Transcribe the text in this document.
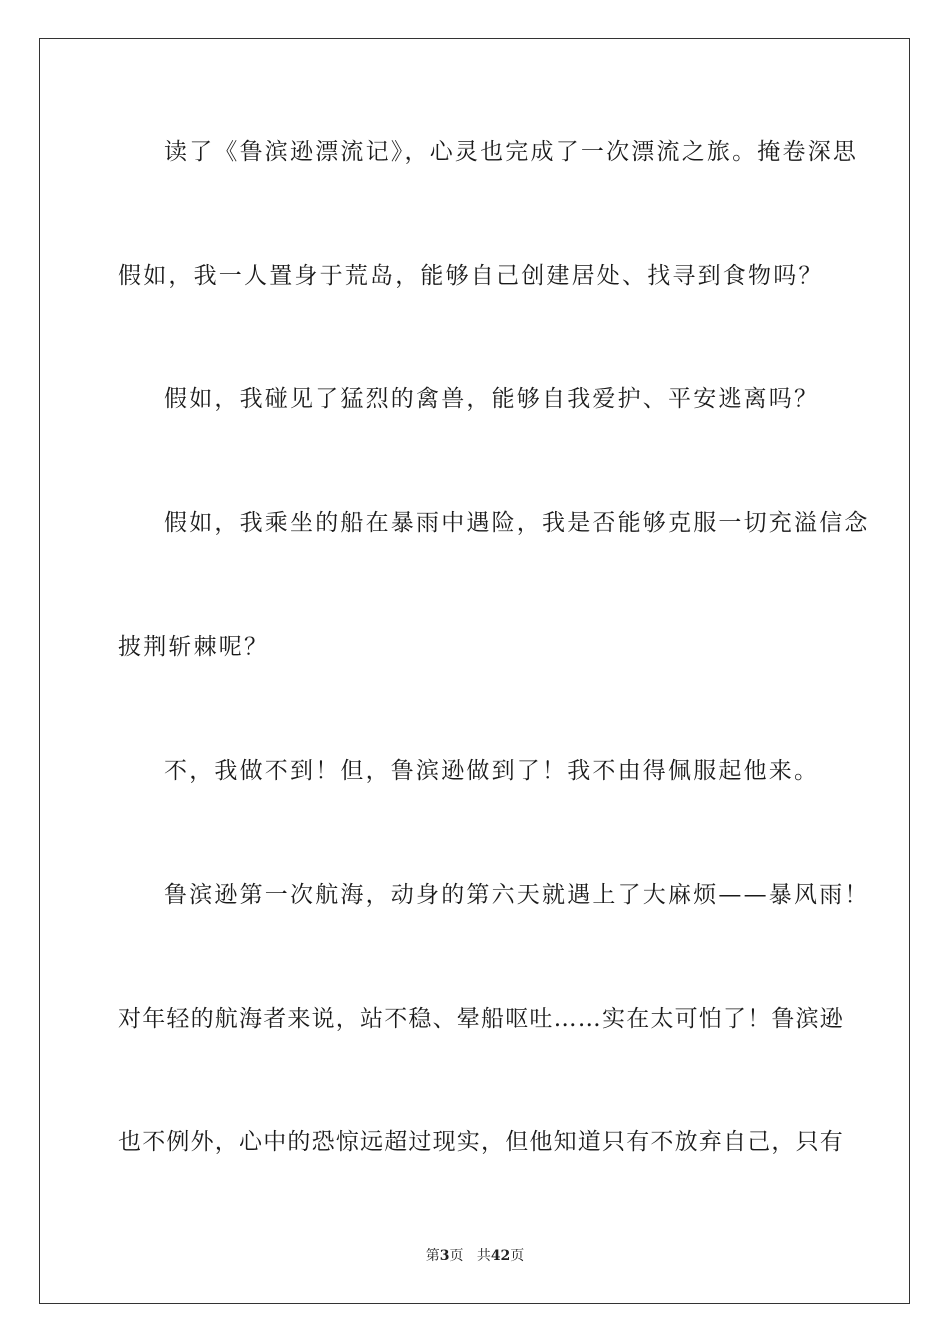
读了《鲁滨逊漂流记》，心灵也完成了一次漂流之旅。掩卷深思
假如，我一人置身于荒岛，能够自己创建居处、找寻到食物吗？
假如，我碰见了猛烈的禽兽，能够自我爱护、平安逃离吗？
假如，我乘坐的船在暴雨中遇险，我是否能够克服一切充溢信念
披荆斩棘呢？
不，我做不到！但，鲁滨逊做到了！我不由得佩服起他来。
鲁滨逊第一次航海，动身的第六天就遇上了大麻烦——暴风雨！
对年轻的航海者来说，站不稳、晕船呕吐……实在太可怕了！鲁滨逊
也不例外，心中的恐惊远超过现实，但他知道只有不放弃自己，只有
第3页 共42页
